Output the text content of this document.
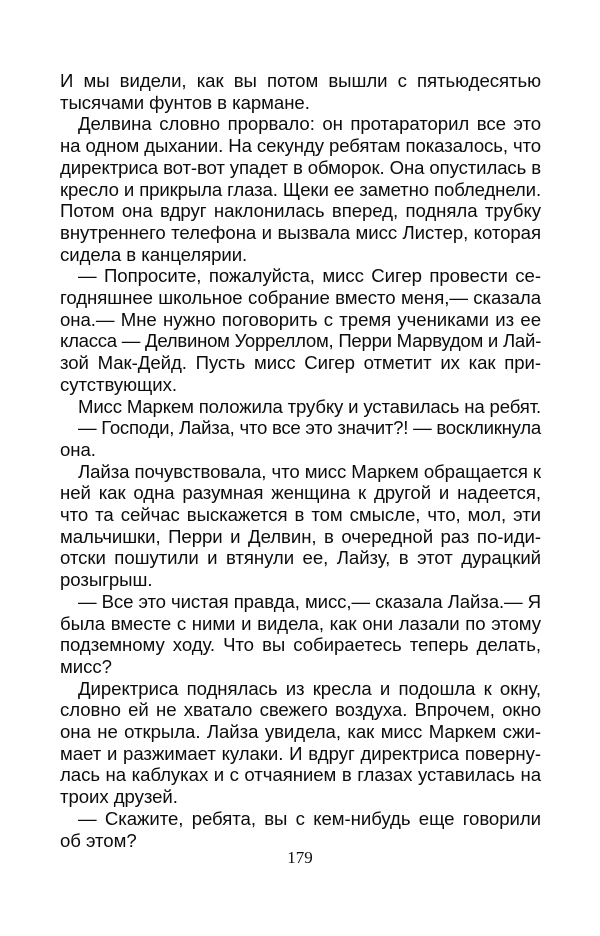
И мы видели, как вы потом вышли с пятьюдесятью
тысячами фунтов в кармане.
Делвина словно прорвало: он протараторил все это
на одном дыхании. На секунду ребятам показалось, что
директриса вот-вот упадет в обморок. Она опустилась в
кресло и прикрыла глаза. Щеки ее заметно побледнели.
Потом она вдруг наклонилась вперед, подняла трубку
внутреннего телефона и вызвала мисс Листер, которая
сидела в канцелярии.
— Попросите, пожалуйста, мисс Сигер провести се-
годняшнее школьное собрание вместо меня,— сказала
она.— Мне нужно поговорить с тремя учениками из ее
класса — Делвином Уорреллом, Перри Марвудом и Лай-
зой Мак-Дейд. Пусть мисс Сигер отметит их как при-
сутствующих.
Мисс Маркем положила трубку и уставилась на ребят.
— Господи, Лайза, что все это значит?! — воскликнула
она.
Лайза почувствовала, что мисс Маркем обращается к
ней как одна разумная женщина к другой и надеется,
что та сейчас выскажется в том смысле, что, мол, эти
мальчишки, Перри и Делвин, в очередной раз по-иди-
отски пошутили и втянули ее, Лайзу, в этот дурацкий
розыгрыш.
— Все это чистая правда, мисс,— сказала Лайза.— Я
была вместе с ними и видела, как они лазали по этому
подземному ходу. Что вы собираетесь теперь делать,
мисс?
Директриса поднялась из кресла и подошла к окну,
словно ей не хватало свежего воздуха. Впрочем, окно
она не открыла. Лайза увидела, как мисс Маркем сжи-
мает и разжимает кулаки. И вдруг директриса поверну-
лась на каблуках и с отчаянием в глазах уставилась на
троих друзей.
— Скажите, ребята, вы с кем-нибудь еще говорили
об этом?
179
